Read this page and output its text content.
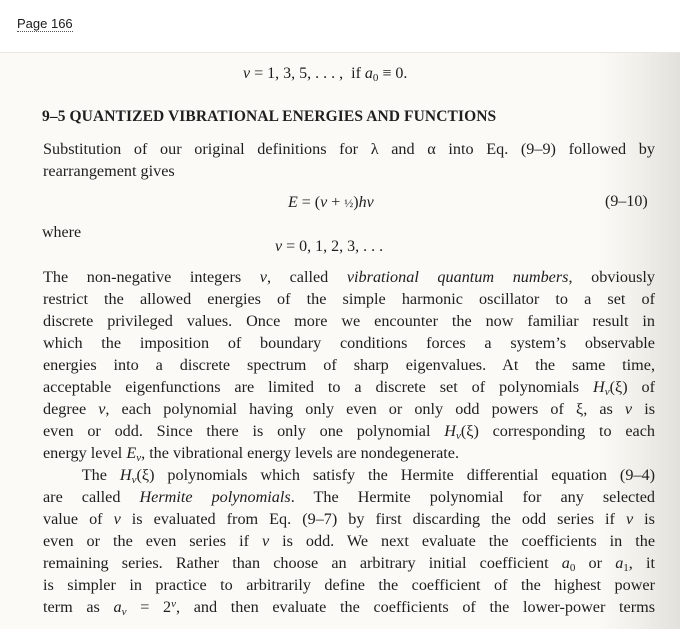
Page 166
v = 1, 3, 5, . . . ,  if $a_0 \equiv 0$.
9–5 QUANTIZED VIBRATIONAL ENERGIES AND FUNCTIONS
Substitution of our original definitions for λ and α into Eq. (9–9) followed by
rearrangement gives
E = (v + ½)hν	(9–10)
where
v = 0, 1, 2, 3, . . .
The non-negative integers v, called vibrational quantum numbers, obviously
restrict the allowed energies of the simple harmonic oscillator to a set of
discrete privileged values. Once more we encounter the now familiar result in
which the imposition of boundary conditions forces a system’s observable
energies into a discrete spectrum of sharp eigenvalues. At the same time,
acceptable eigenfunctions are limited to a discrete set of polynomials $H_v(\xi)$ of
degree v, each polynomial having only even or only odd powers of ξ, as v is
even or odd. Since there is only one polynomial $H_v(\xi)$ corresponding to each
energy level $E_v$, the vibrational energy levels are nondegenerate.
The $H_v(\xi)$ polynomials which satisfy the Hermite differential equation (9–4)
are called Hermite polynomials. The Hermite polynomial for any selected
value of v is evaluated from Eq. (9–7) by first discarding the odd series if v is
even or the even series if v is odd. We next evaluate the coefficients in the
remaining series. Rather than choose an arbitrary initial coefficient $a_0$ or $a_1$, it
is simpler in practice to arbitrarily define the coefficient of the highest power
term as $a_v = 2^v$, and then evaluate the coefficients of the lower-power terms
